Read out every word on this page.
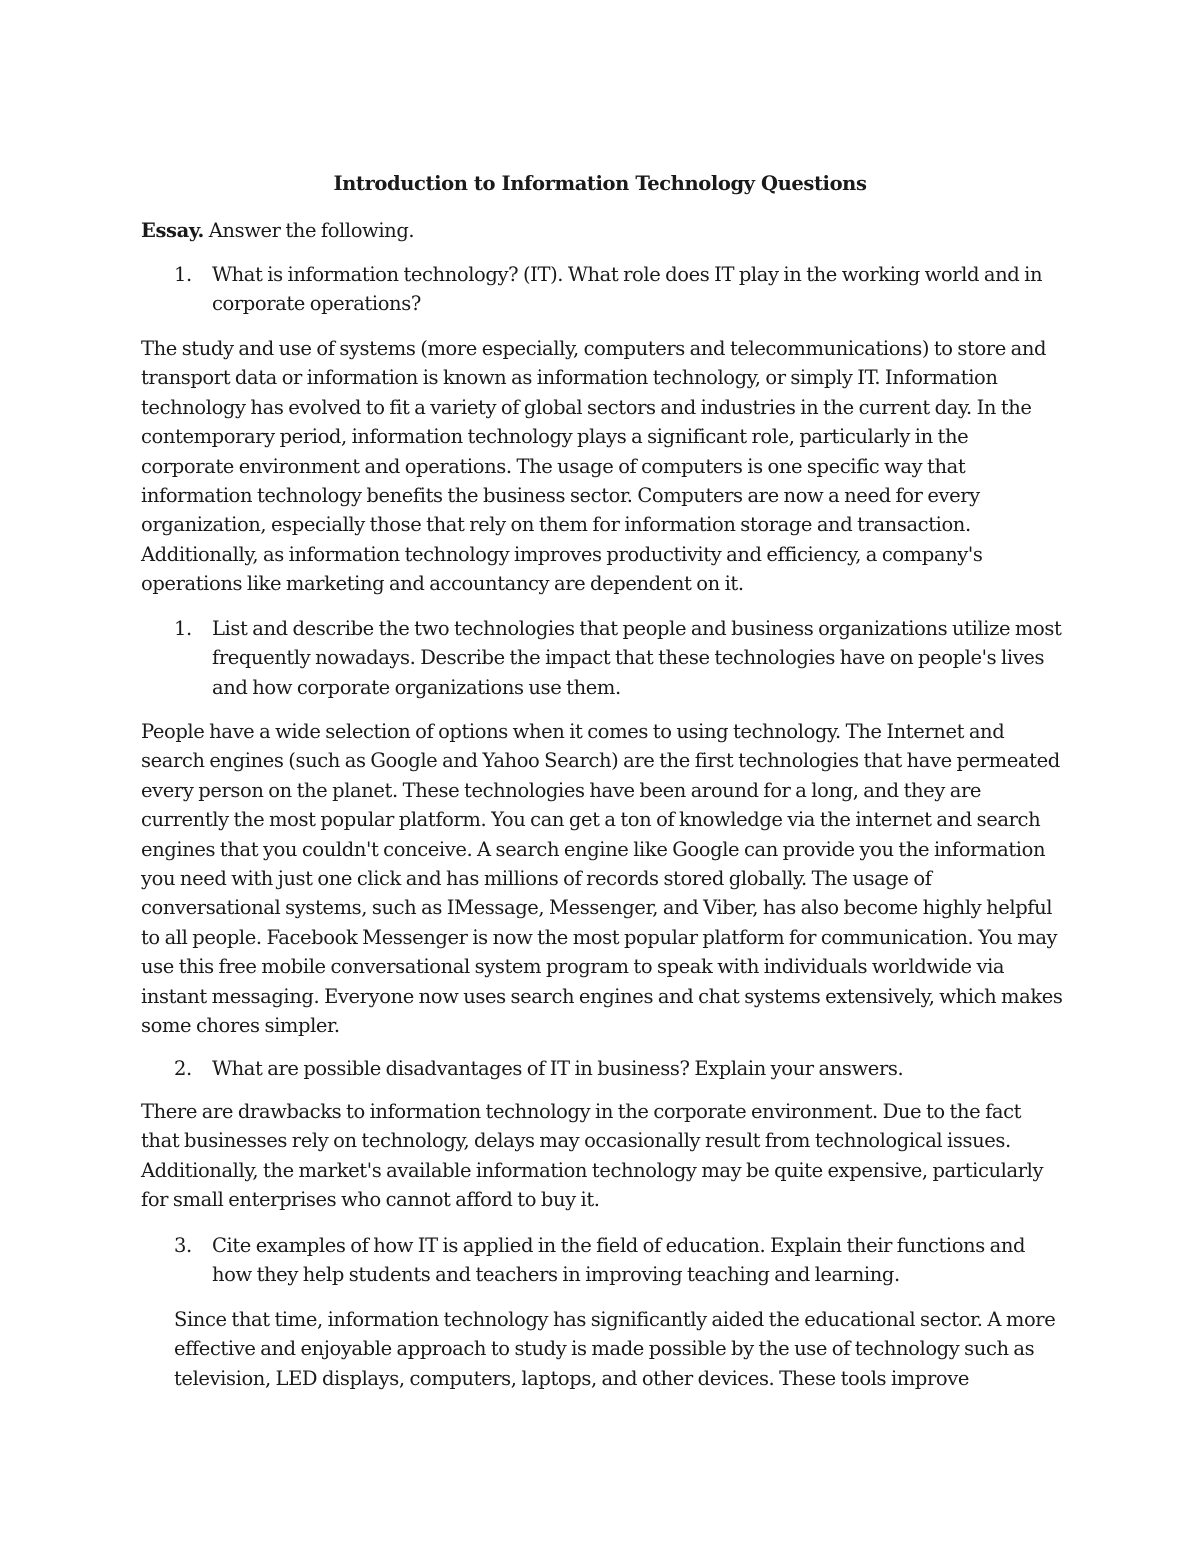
Introduction to Information Technology Questions

Essay. Answer the following.

1.	What is information technology? (IT). What role does IT play in the working world and in corporate operations?

The study and use of systems (more especially, computers and telecommunications) to store and transport data or information is known as information technology, or simply IT. Information technology has evolved to fit a variety of global sectors and industries in the current day. In the contemporary period, information technology plays a significant role, particularly in the corporate environment and operations. The usage of computers is one specific way that information technology benefits the business sector. Computers are now a need for every organization, especially those that rely on them for information storage and transaction. Additionally, as information technology improves productivity and efficiency, a company's operations like marketing and accountancy are dependent on it.

1.	List and describe the two technologies that people and business organizations utilize most frequently nowadays. Describe the impact that these technologies have on people's lives and how corporate organizations use them.

People have a wide selection of options when it comes to using technology. The Internet and search engines (such as Google and Yahoo Search) are the first technologies that have permeated every person on the planet. These technologies have been around for a long, and they are currently the most popular platform. You can get a ton of knowledge via the internet and search engines that you couldn't conceive. A search engine like Google can provide you the information you need with just one click and has millions of records stored globally. The usage of conversational systems, such as IMessage, Messenger, and Viber, has also become highly helpful to all people. Facebook Messenger is now the most popular platform for communication. You may use this free mobile conversational system program to speak with individuals worldwide via instant messaging. Everyone now uses search engines and chat systems extensively, which makes some chores simpler.

2.	What are possible disadvantages of IT in business? Explain your answers.

There are drawbacks to information technology in the corporate environment. Due to the fact that businesses rely on technology, delays may occasionally result from technological issues. Additionally, the market's available information technology may be quite expensive, particularly for small enterprises who cannot afford to buy it.

3.	Cite examples of how IT is applied in the field of education. Explain their functions and how they help students and teachers in improving teaching and learning.

Since that time, information technology has significantly aided the educational sector. A more effective and enjoyable approach to study is made possible by the use of technology such as television, LED displays, computers, laptops, and other devices. These tools improve
